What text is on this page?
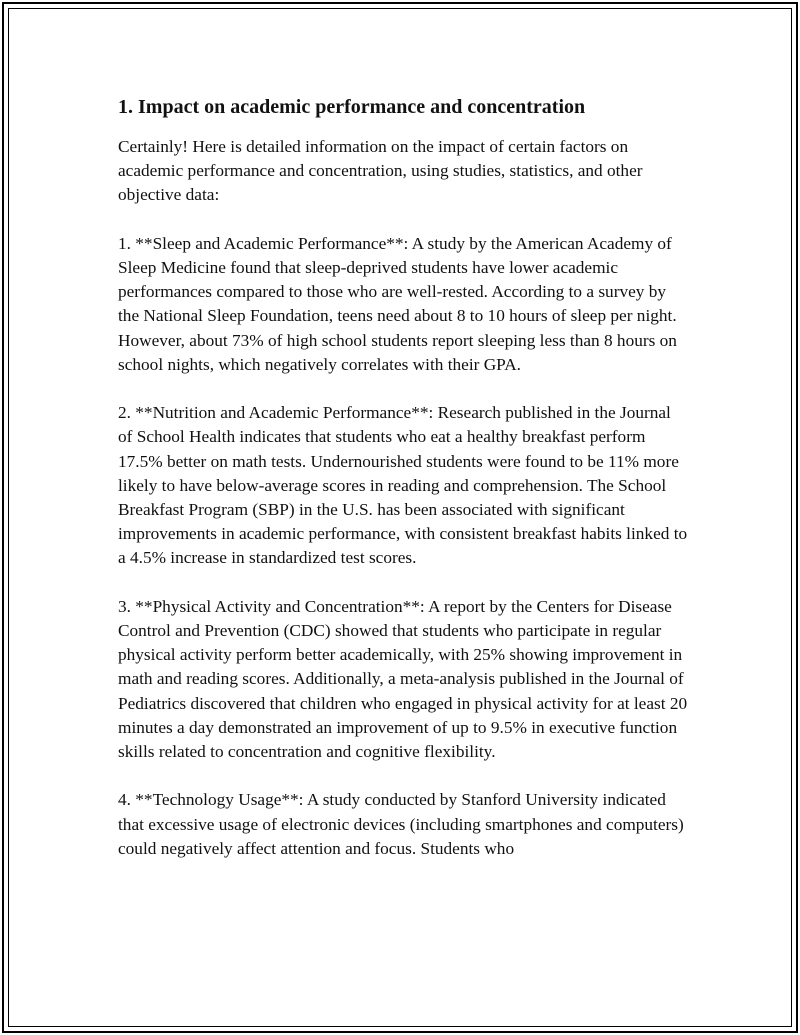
1. Impact on academic performance and concentration

Certainly! Here is detailed information on the impact of certain factors on academic performance and concentration, using studies, statistics, and other objective data:

1. **Sleep and Academic Performance**: A study by the American Academy of Sleep Medicine found that sleep-deprived students have lower academic performances compared to those who are well-rested. According to a survey by the National Sleep Foundation, teens need about 8 to 10 hours of sleep per night. However, about 73% of high school students report sleeping less than 8 hours on school nights, which negatively correlates with their GPA.

2. **Nutrition and Academic Performance**: Research published in the Journal of School Health indicates that students who eat a healthy breakfast perform 17.5% better on math tests. Undernourished students were found to be 11% more likely to have below-average scores in reading and comprehension. The School Breakfast Program (SBP) in the U.S. has been associated with significant improvements in academic performance, with consistent breakfast habits linked to a 4.5% increase in standardized test scores.

3. **Physical Activity and Concentration**: A report by the Centers for Disease Control and Prevention (CDC) showed that students who participate in regular physical activity perform better academically, with 25% showing improvement in math and reading scores. Additionally, a meta-analysis published in the Journal of Pediatrics discovered that children who engaged in physical activity for at least 20 minutes a day demonstrated an improvement of up to 9.5% in executive function skills related to concentration and cognitive flexibility.

4. **Technology Usage**: A study conducted by Stanford University indicated that excessive usage of electronic devices (including smartphones and computers) could negatively affect attention and focus. Students who
